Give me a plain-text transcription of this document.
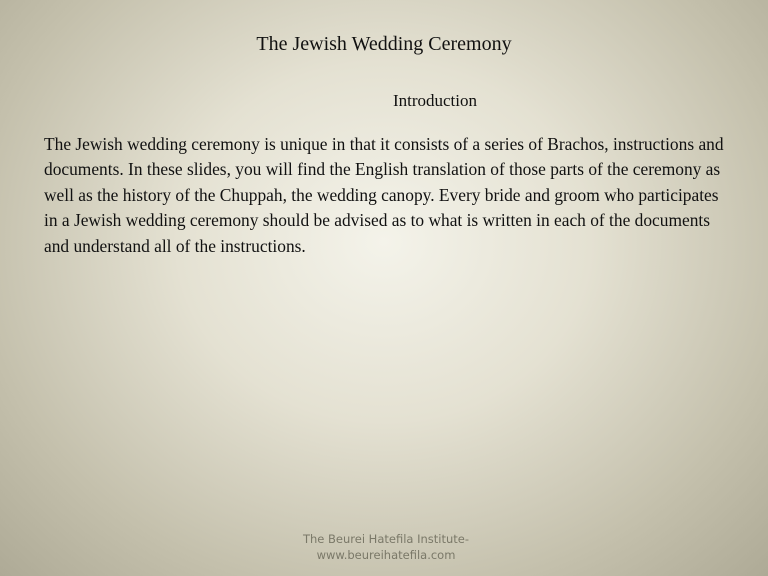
The Jewish Wedding Ceremony
Introduction

The Jewish wedding ceremony is unique in that it consists of a series of Brachos, instructions and documents. In these slides, you will find the English translation of those parts of the ceremony as well as the history of the Chuppah, the wedding canopy. Every bride and groom who participates in a Jewish wedding ceremony should be advised as to what is written in each of the documents and understand all of the instructions.

The Beurei Hatefila Institute-
www.beureihatefila.com
